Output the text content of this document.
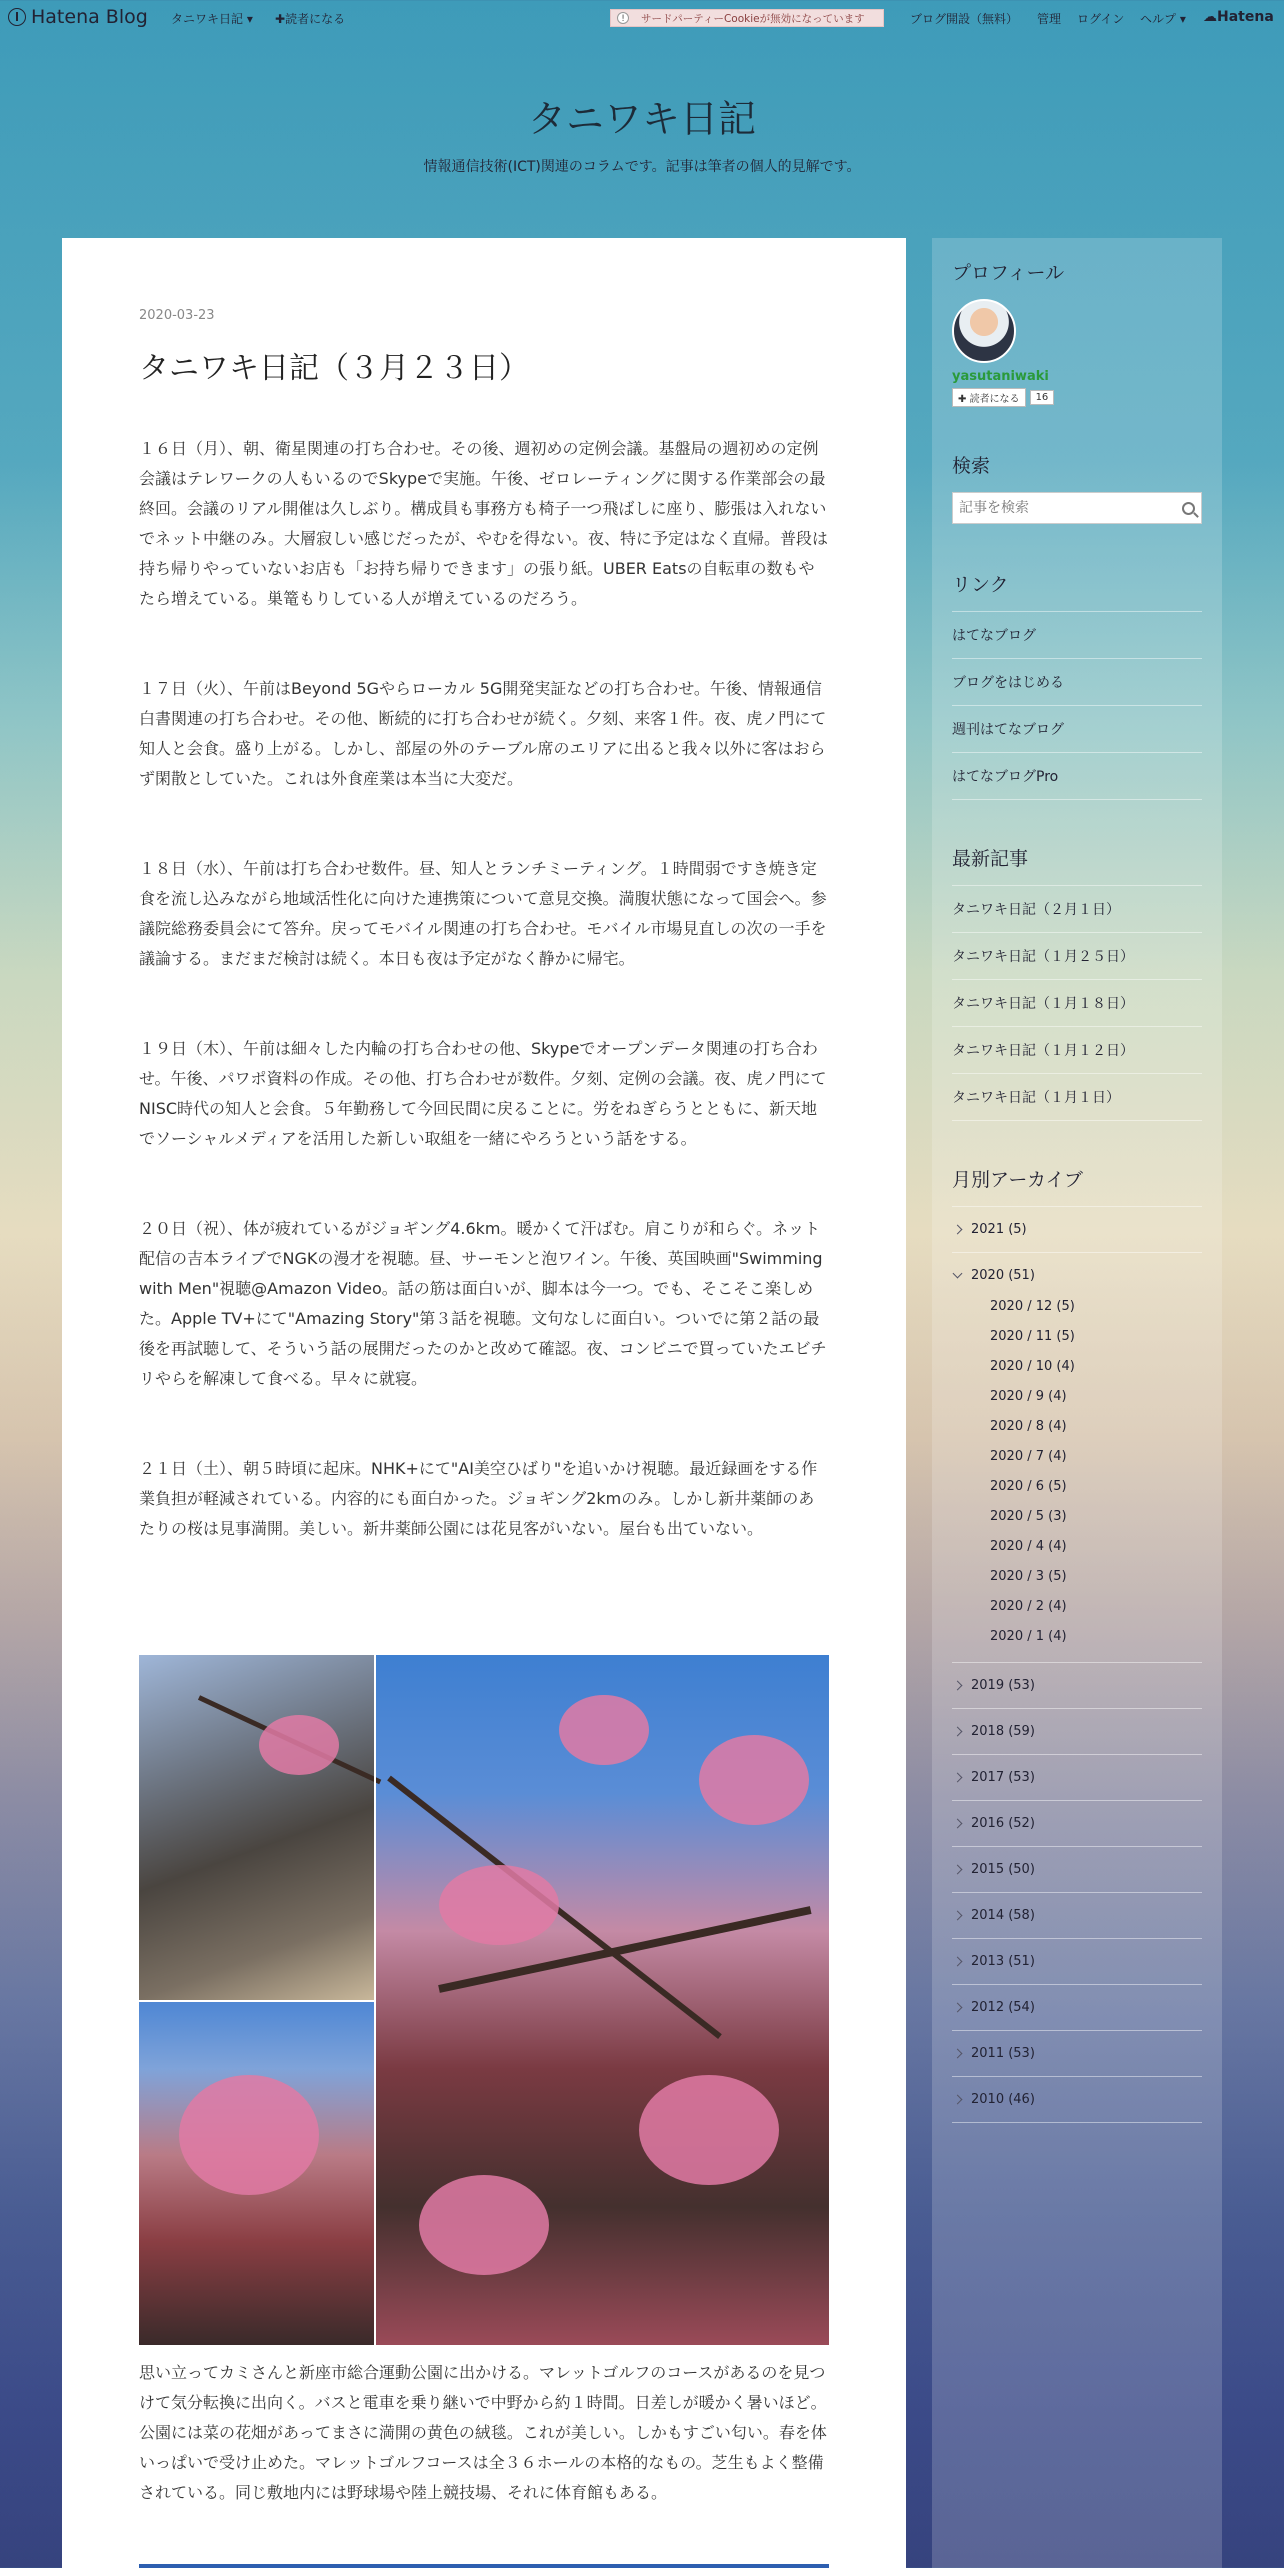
Hatena Blog タニワキ日記 ▾ ✚読者になる	!	サードパーティーCookieが無効になっています	ブログ開設（無料） 管理 ログイン ヘルプ ▾ ☁Hatena
タニワキ日記
情報通信技術(ICT)関連のコラムです。記事は筆者の個人的見解です。
2020-03-23
タニワキ日記（３月２３日）

１６日（月）、朝、衛星関連の打ち合わせ。その後、週初めの定例会議。基盤局の週初めの定例会議はテレワークの人もいるのでSkypeで実施。午後、ゼロレーティングに関する作業部会の最終回。会議のリアル開催は久しぶり。構成員も事務方も椅子一つ飛ばしに座り、膨張は入れないでネット中継のみ。大層寂しい感じだったが、やむを得ない。夜、特に予定はなく直帰。普段は持ち帰りやっていないお店も「お持ち帰りできます」の張り紙。UBER Eatsの自転車の数もやたら増えている。巣篭もりしている人が増えているのだろう。

１７日（火）、午前はBeyond 5Gやらローカル 5G開発実証などの打ち合わせ。午後、情報通信白書関連の打ち合わせ。その他、断続的に打ち合わせが続く。夕刻、来客１件。夜、虎ノ門にて知人と会食。盛り上がる。しかし、部屋の外のテーブル席のエリアに出ると我々以外に客はおらず閑散としていた。これは外食産業は本当に大変だ。

１８日（水）、午前は打ち合わせ数件。昼、知人とランチミーティング。１時間弱ですき焼き定食を流し込みながら地域活性化に向けた連携策について意見交換。満腹状態になって国会へ。参議院総務委員会にて答弁。戻ってモバイル関連の打ち合わせ。モバイル市場見直しの次の一手を議論する。まだまだ検討は続く。本日も夜は予定がなく静かに帰宅。

１９日（木）、午前は細々した内輪の打ち合わせの他、Skypeでオープンデータ関連の打ち合わせ。午後、パワポ資料の作成。その他、打ち合わせが数件。夕刻、定例の会議。夜、虎ノ門にてNISC時代の知人と会食。５年勤務して今回民間に戻ることに。労をねぎらうとともに、新天地でソーシャルメディアを活用した新しい取組を一緒にやろうという話をする。

２０日（祝）、体が疲れているがジョギング4.6km。暖かくて汗ばむ。肩こりが和らぐ。ネット配信の吉本ライブでNGKの漫才を視聴。昼、サーモンと泡ワイン。午後、英国映画"Swimming with Men"視聴@Amazon Video。話の筋は面白いが、脚本は今一つ。でも、そこそこ楽しめた。Apple TV+にて"Amazing Story"第３話を視聴。文句なしに面白い。ついでに第２話の最後を再試聴して、そういう話の展開だったのかと改めて確認。夜、コンビニで買っていたエビチリやらを解凍して食べる。早々に就寝。

２１日（土）、朝５時頃に起床。NHK+にて"AI美空ひばり"を追いかけ視聴。最近録画をする作業負担が軽減されている。内容的にも面白かった。ジョギング2kmのみ。しかし新井薬師のあたりの桜は見事満開。美しい。新井薬師公園には花見客がいない。屋台も出ていない。

思い立ってカミさんと新座市総合運動公園に出かける。マレットゴルフのコースがあるのを見つけて気分転換に出向く。バスと電車を乗り継いで中野から約１時間。日差しが暖かく暑いほど。公園には菜の花畑があってまさに満開の黄色の絨毯。これが美しい。しかもすごい匂い。春を体いっぱいで受け止めた。マレットゴルフコースは全３６ホールの本格的なもの。芝生もよく整備されている。同じ敷地内には野球場や陸上競技場、それに体育館もある。

プロフィール
yasutaniwaki
✚ 読者になる	16
検索
記事を検索
リンク
はてなブログ
ブログをはじめる
週刊はてなブログ
はてなブログPro
最新記事
タニワキ日記（２月１日）
タニワキ日記（１月２５日）
タニワキ日記（１月１８日）
タニワキ日記（１月１２日）
タニワキ日記（１月１日）
月別アーカイブ
2021 (5)
2020 (51)
2020 / 12 (5)
2020 / 11 (5)
2020 / 10 (4)
2020 / 9 (4)
2020 / 8 (4)
2020 / 7 (4)
2020 / 6 (5)
2020 / 5 (3)
2020 / 4 (4)
2020 / 3 (5)
2020 / 2 (4)
2020 / 1 (4)
2019 (53)
2018 (59)
2017 (53)
2016 (52)
2015 (50)
2014 (58)
2013 (51)
2012 (54)
2011 (53)
2010 (46)
